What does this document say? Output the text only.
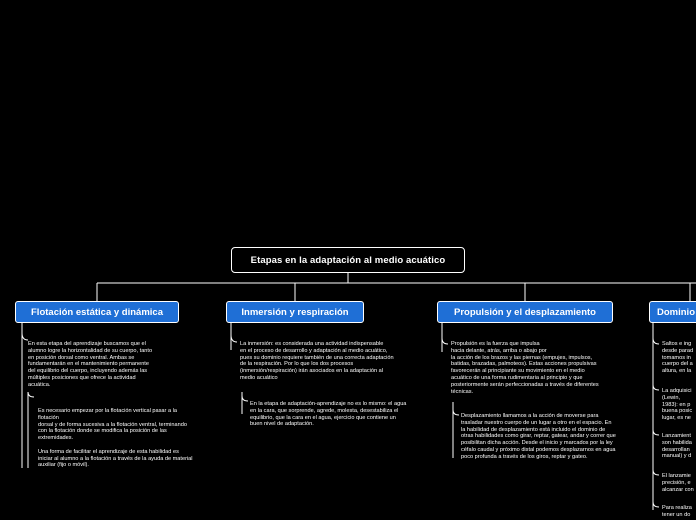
Etapas en la adaptación al medio acuático
Flotación estática y dinámica	Inmersión y respiración	Propulsión y el desplazamiento	Dominio
En esta etapa del aprendizaje buscamos que el
alumno logre la horizontalidad de su cuerpo, tanto
en posición dorsal como ventral. Ambas se
fundamentarán en el mantenimiento permanente
del equilibrio del cuerpo, incluyendo además las
múltiples posiciones que ofrece la actividad
acuática.
Es necesario empezar por la flotación vertical pasar a la
flotación
dorsal y de forma sucesiva a la flotación ventral, terminando
con la flotación donde se modifica la posición de las
extremidades.

Una forma de facilitar el aprendizaje de esta habilidad es
iniciar al alumno a la flotación a través de la ayuda de material
auxiliar (fijo o móvil).
La inmersión: es considerada una actividad indispensable
en el proceso de desarrollo y adaptación al medio acuático,
pues su dominio requiere también de una correcta adaptación
de la respiración. Por lo que los dos procesos
(inmersión/respiración) irán asociados en la adaptación al
medio acuático
En la etapa de adaptación-aprendizaje no es lo mismo: el agua
en la cara, que sorprende, agrede, molesta, desestabiliza el
equilibrio, que la cara en el agua, ejercicio que contiene un
buen nivel de adaptación.
Propulsión es la fuerza que impulsa
hacia delante, atrás, arriba o abajo por
la acción de los brazos y las piernas (empujes, impulsos,
batidas, brazadas, palmoteos). Estas acciones propulsivas
favorecerán al principiante su movimiento en el medio
acuático de una forma rudimentaria al principio y que
posteriormente serán perfeccionadas a través de diferentes
técnicas.
Desplazamiento llamamos a la acción de moverse para
trasladar nuestro cuerpo de un lugar a otro en el espacio. En
la habilidad de desplazamiento está incluido el dominio de
otras habilidades como girar, reptar, gatear, andar y correr que
posibilitan dicha acción. Desde el inicio y marcados por la ley
céfalo caudal y próximo distal podemos desplazarnos en agua
poco profunda a través de los giros, reptar y gateo.
Saltos e ing
desde parad
tomamos in
cuerpo del a
altura, en la
La adquisici
(Lewin,
1983): en p
buena posic
lugar, es ne
Lanzamient
son habilida
desarrollan
manual) y d
El lanzamie
precisión, e
alcanzar con
Para realiza
tener un do
